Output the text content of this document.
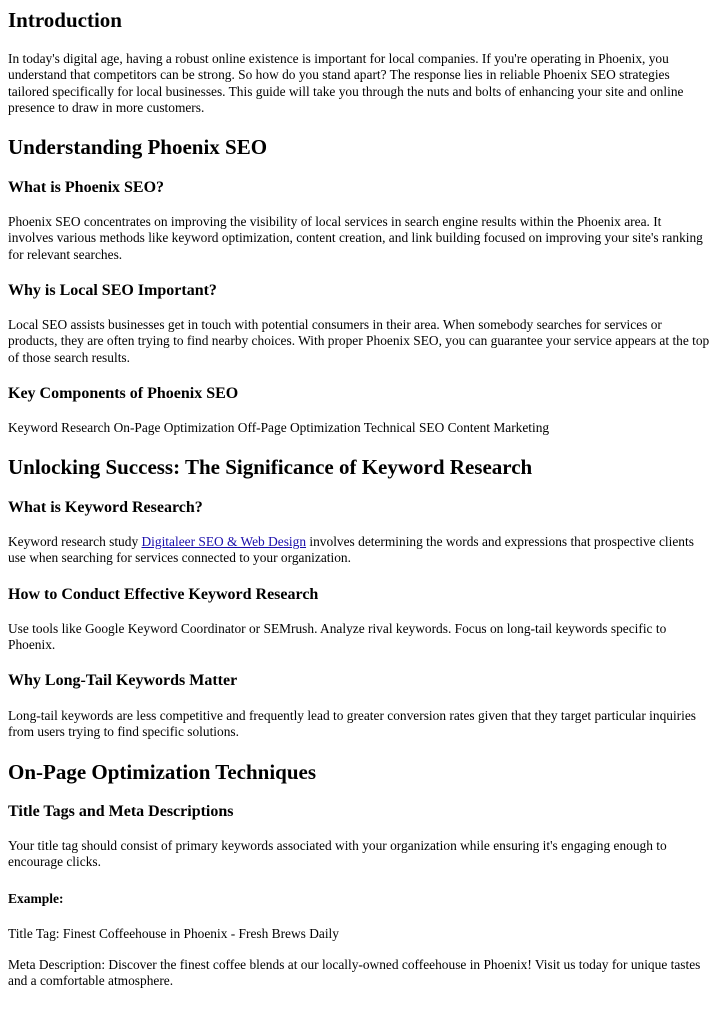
Introduction

In today's digital age, having a robust online existence is important for local companies. If you're operating in Phoenix, you understand that competitors can be strong. So how do you stand apart? The response lies in reliable Phoenix SEO strategies tailored specifically for local businesses. This guide will take you through the nuts and bolts of enhancing your site and online presence to draw in more customers.

Understanding Phoenix SEO
What is Phoenix SEO?

Phoenix SEO concentrates on improving the visibility of local services in search engine results within the Phoenix area. It involves various methods like keyword optimization, content creation, and link building focused on improving your site's ranking for relevant searches.

Why is Local SEO Important?

Local SEO assists businesses get in touch with potential consumers in their area. When somebody searches for services or products, they are often trying to find nearby choices. With proper Phoenix SEO, you can guarantee your service appears at the top of those search results.

Key Components of Phoenix SEO

Keyword Research On-Page Optimization Off-Page Optimization Technical SEO Content Marketing

Unlocking Success: The Significance of Keyword Research
What is Keyword Research?

Keyword research study Digitaleer SEO & Web Design involves determining the words and expressions that prospective clients use when searching for services connected to your organization.

How to Conduct Effective Keyword Research

Use tools like Google Keyword Coordinator or SEMrush. Analyze rival keywords. Focus on long-tail keywords specific to Phoenix.

Why Long-Tail Keywords Matter

Long-tail keywords are less competitive and frequently lead to greater conversion rates given that they target particular inquiries from users trying to find specific solutions.

On-Page Optimization Techniques
Title Tags and Meta Descriptions

Your title tag should consist of primary keywords associated with your organization while ensuring it's engaging enough to encourage clicks.

Example:

Title Tag: Finest Coffeehouse in Phoenix - Fresh Brews Daily

Meta Description: Discover the finest coffee blends at our locally-owned coffeehouse in Phoenix! Visit us today for unique tastes and a comfortable atmosphere.
